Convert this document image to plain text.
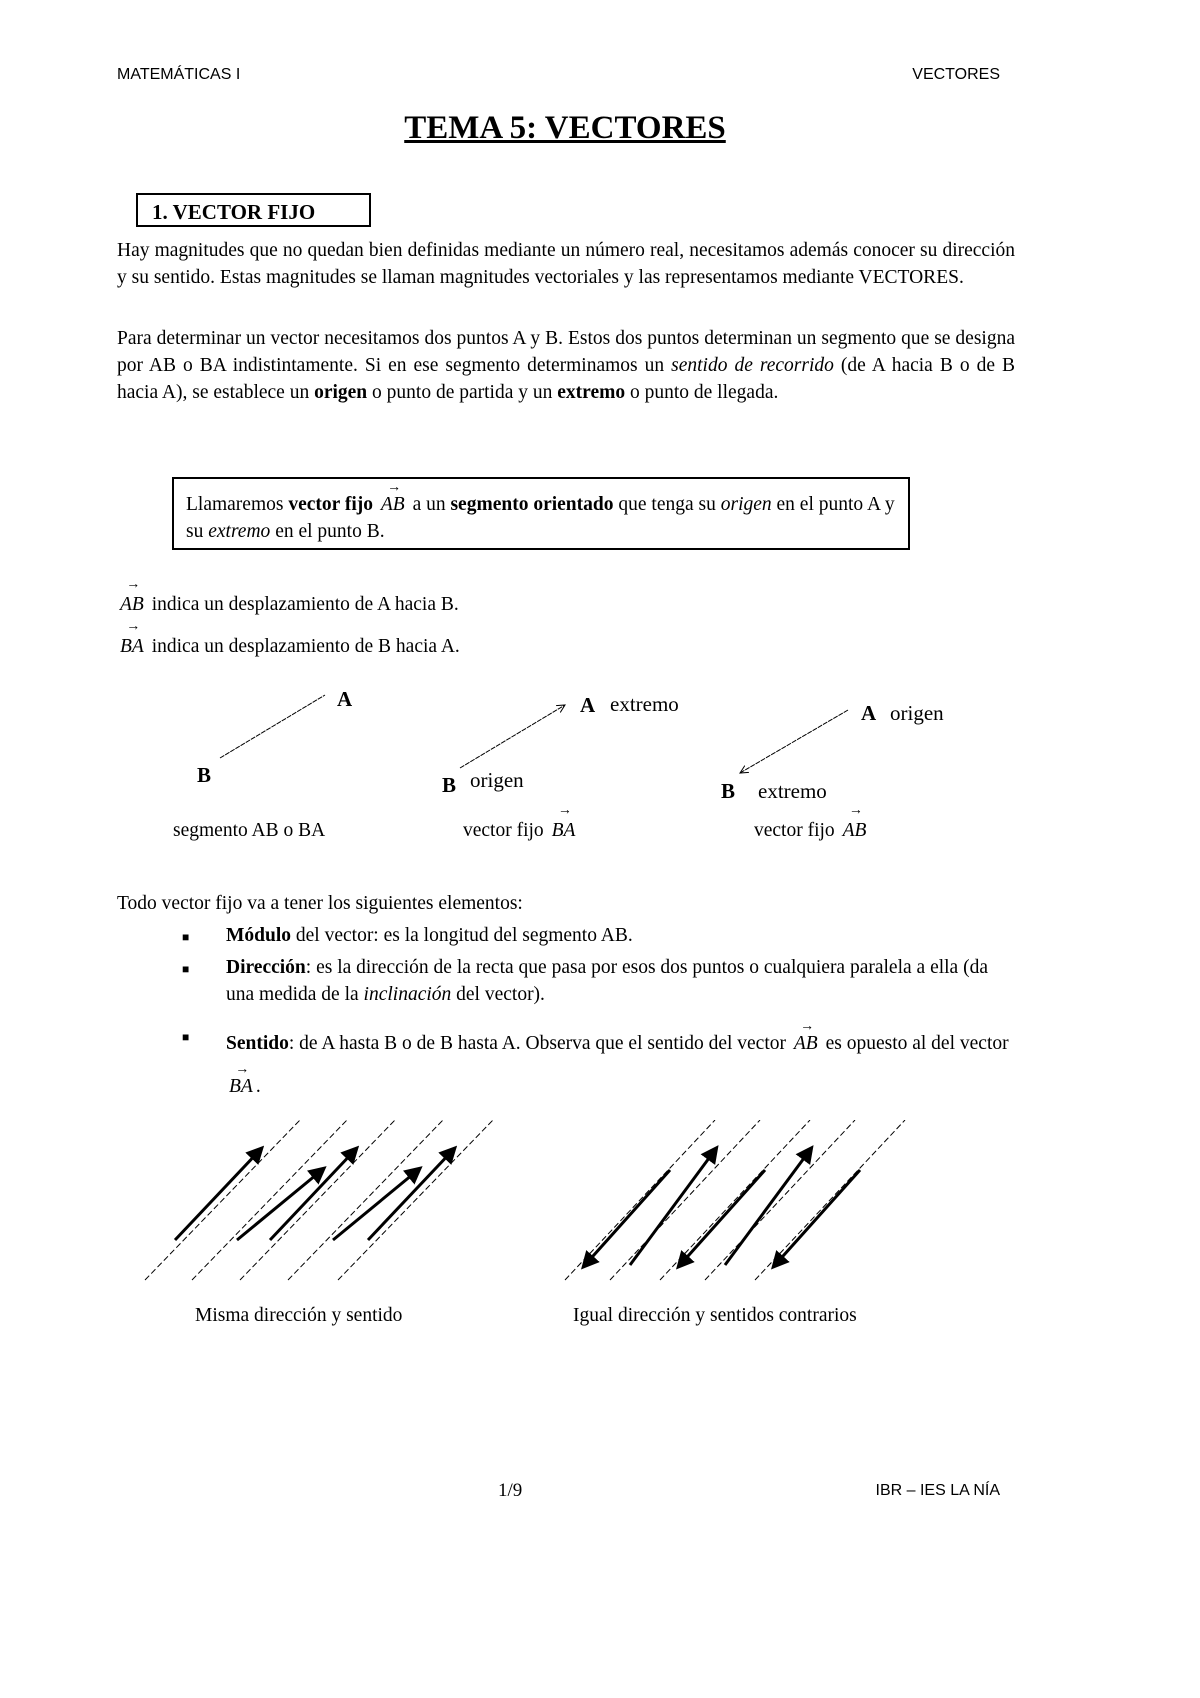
MATEMÁTICAS I	VECTORES
TEMA 5: VECTORES
1. VECTOR FIJO
Hay magnitudes que no quedan bien definidas mediante un número real, necesitamos además conocer su dirección y su sentido. Estas magnitudes se llaman magnitudes vectoriales y las representamos mediante VECTORES.
Para determinar un vector necesitamos dos puntos A y B. Estos dos puntos determinan un segmento que se designa por AB o BA indistintamente. Si en ese segmento determinamos un sentido de recorrido (de A hacia B o de B hacia A), se establece un origen o punto de partida y un extremo o punto de llegada.
Llamaremos vector fijo → AB a un segmento orientado que tenga su origen en el punto A y su extremo en el punto B.
→ AB indica un desplazamiento de A hacia B.
→ BA indica un desplazamiento de B hacia A.
A
B
A extremo
B origen
A origen
B extremo
segmento AB o BA	vector fijo → BA	vector fijo → AB
Todo vector fijo va a tener los siguientes elementos:
■ Módulo del vector: es la longitud del segmento AB.
■ Dirección: es la dirección de la recta que pasa por esos dos puntos o cualquiera paralela a ella (da una medida de la inclinación del vector).
■ Sentido: de A hasta B o de B hasta A. Observa que el sentido del vector → AB es opuesto al del vector → BA .
Misma dirección y sentido	Igual dirección y sentidos contrarios
1/9	IBR – IES LA NÍA
